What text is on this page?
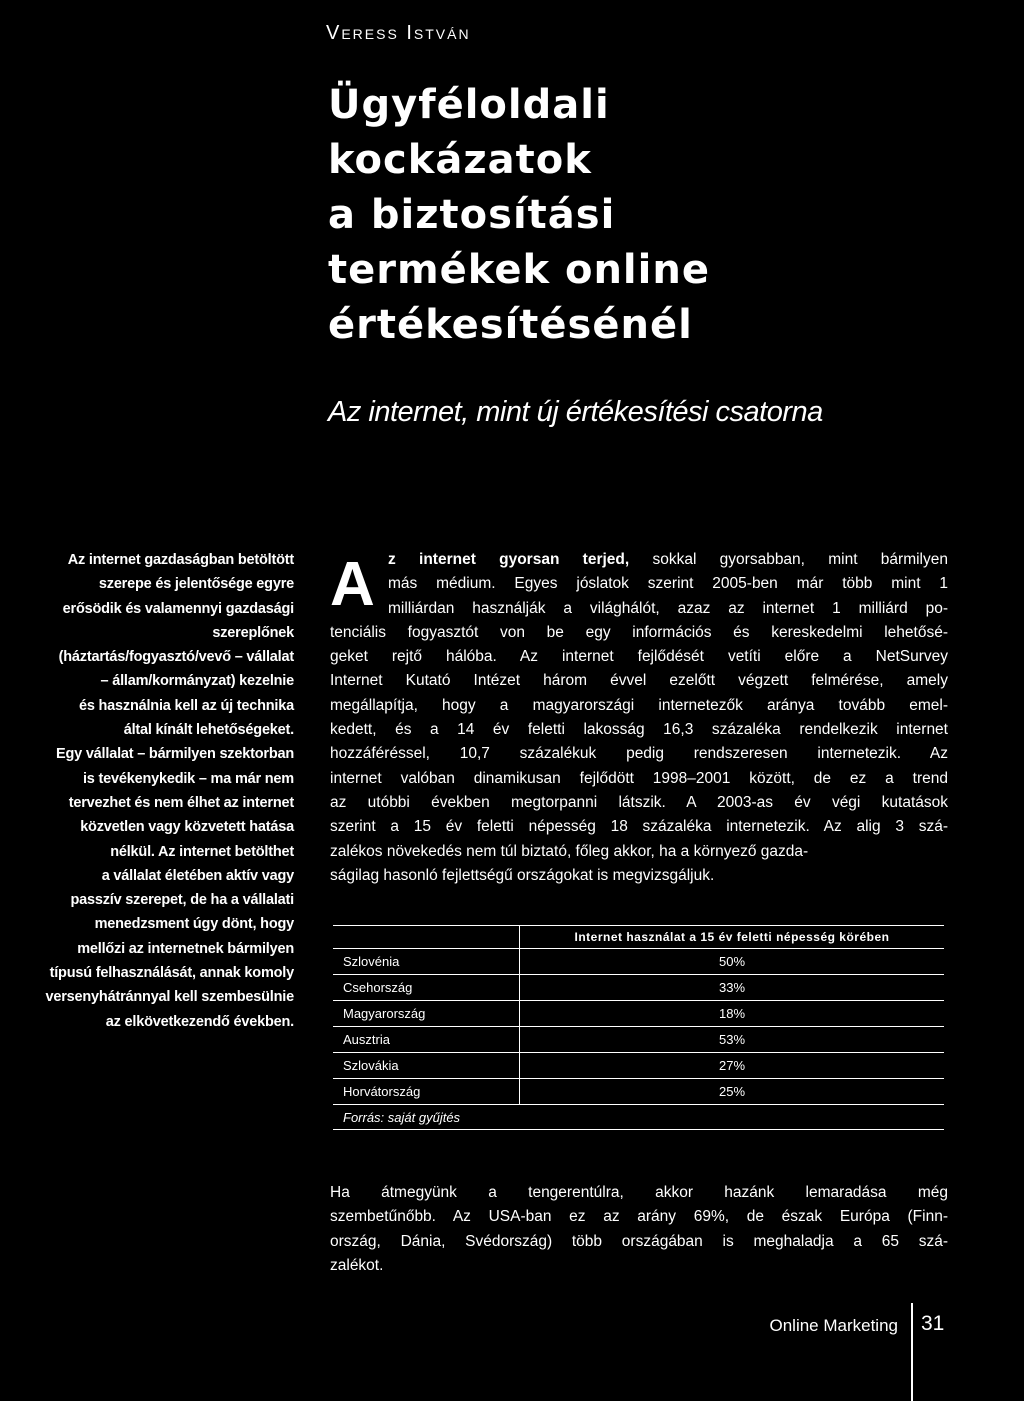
Veress István
Ügyféloldali
kockázatok
a biztosítási
termékek online
értékesítésénél
Az internet, mint új értékesítési csatorna
Az internet gazdaságban betöltött
szerepe és jelentősége egyre
erősödik és valamennyi gazdasági
szereplőnek
(háztartás/fogyasztó/vevő – vállalat
– állam/kormányzat) kezelnie
és használnia kell az új technika
által kínált lehetőségeket.
Egy vállalat – bármilyen szektorban
is tevékenykedik – ma már nem
tervezhet és nem élhet az internet
közvetlen vagy közvetett hatása
nélkül. Az internet betölthet
a vállalat életében aktív vagy
passzív szerepet, de ha a vállalati
menedzsment úgy dönt, hogy
mellőzi az internetnek bármilyen
típusú felhasználását, annak komoly
versenyhátránnyal kell szembesülnie
az elkövetkezendő években.
A z internet gyorsan terjed, sokkal gyorsabban, mint bármilyen
más médium. Egyes jóslatok szerint 2005-ben már több mint 1
milliárdan használják a világhálót, azaz az internet 1 milliárd po-
tenciális fogyasztót von be egy információs és kereskedelmi lehetősé-
geket rejtő hálóba. Az internet fejlődését vetíti előre a NetSurvey
Internet Kutató Intézet három évvel ezelőtt végzett felmérése, amely
megállapítja, hogy a magyarországi internetezők aránya tovább emel-
kedett, és a 14 év feletti lakosság 16,3 százaléka rendelkezik internet
hozzáféréssel, 10,7 százalékuk pedig rendszeresen internetezik. Az
internet valóban dinamikusan fejlődött 1998–2001 között, de ez a trend
az utóbbi években megtorpanni látszik. A 2003-as év végi kutatások
szerint a 15 év feletti népesség 18 százaléka internetezik. Az alig 3 szá-
zalékos növekedés nem túl biztató, főleg akkor, ha a környező gazda-
ságilag hasonló fejlettségű országokat is megvizsgáljuk.
	Internet használat a 15 év feletti népesség körében
Szlovénia	50%
Csehország	33%
Magyarország	18%
Ausztria	53%
Szlovákia	27%
Horvátország	25%
Forrás: saját gyűjtés	
Ha átmegyünk a tengerentúlra, akkor hazánk lemaradása még
szembetűnőbb. Az USA-ban ez az arány 69%, de észak Európa (Finn-
ország, Dánia, Svédország) több országában is meghaladja a 65 szá-
zalékot.
Online Marketing 31
